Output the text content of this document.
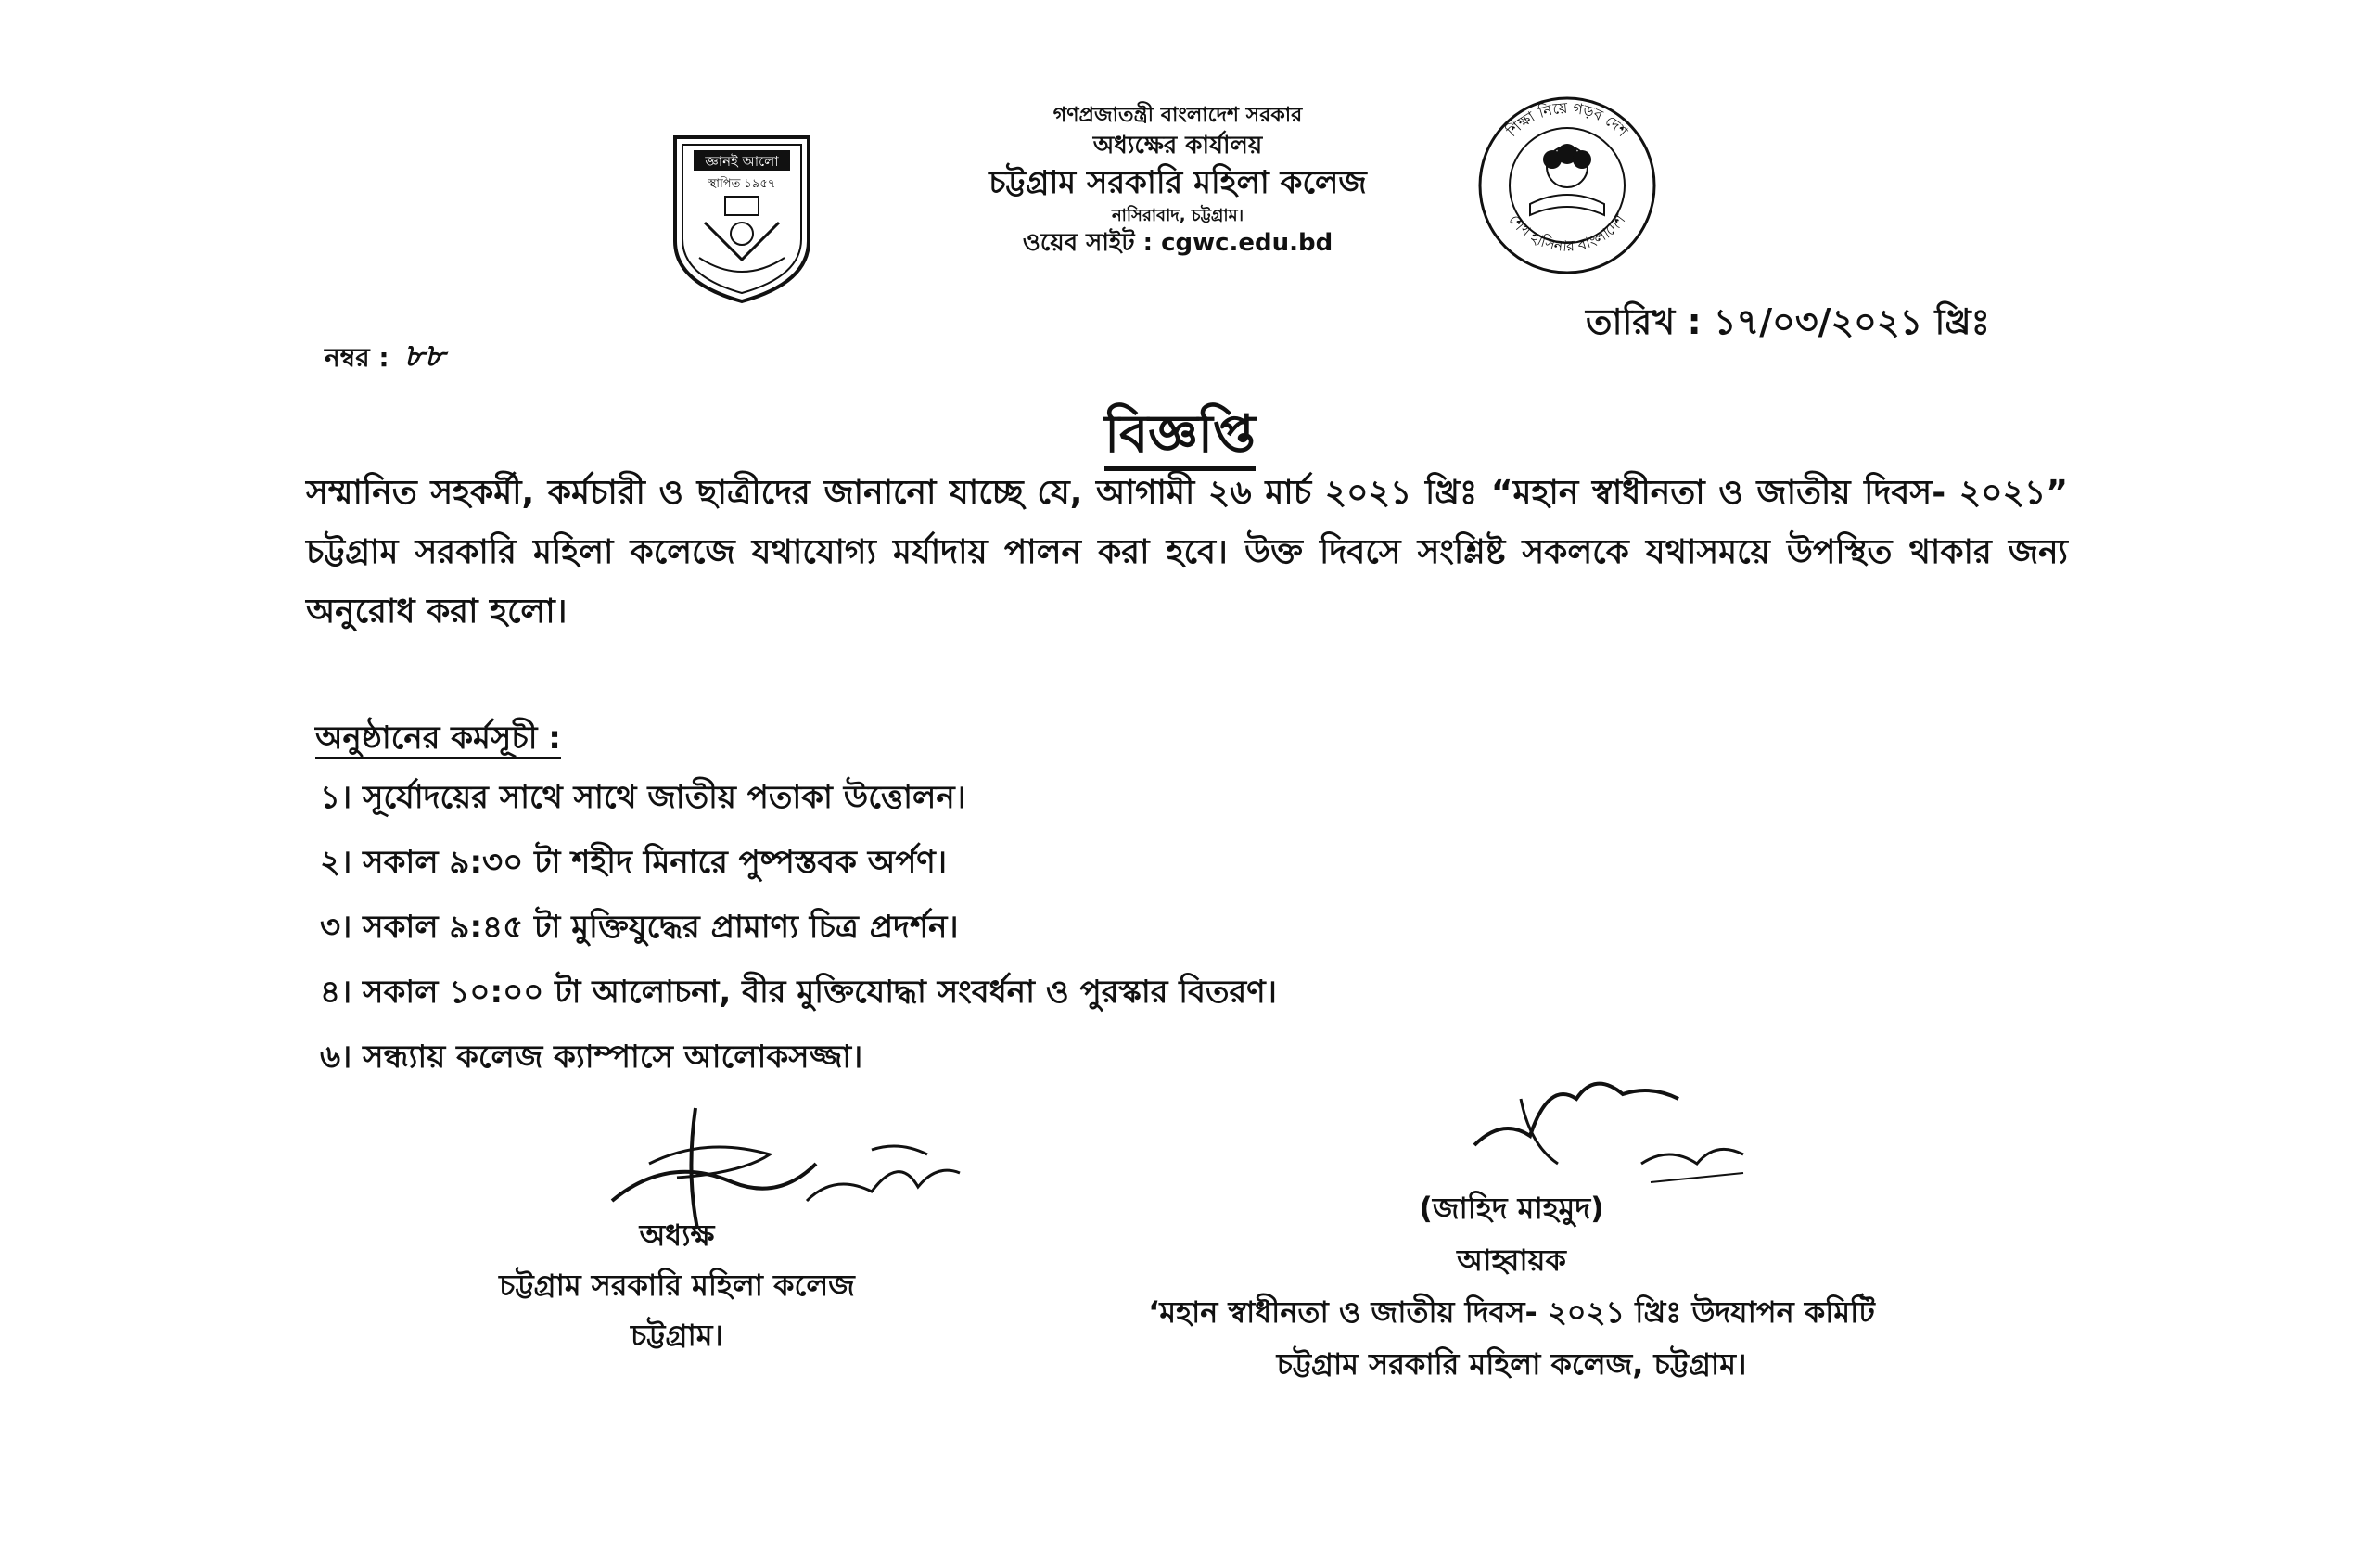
জ্ঞানই আলো
স্থাপিত ১৯৫৭
গণপ্রজাতন্ত্রী বাংলাদেশ সরকার
অধ্যক্ষের কার্যালয়
চট্টগ্রাম সরকারি মহিলা কলেজ
নাসিরাবাদ, চট্টগ্রাম।
ওয়েব সাইট : cgwc.edu.bd
শিক্ষা নিয়ে গড়ব দেশ
শেখ হাসিনার বাংলাদেশ
নম্বর : ৮৮
তারিখ : ১৭/০৩/২০২১ খ্রিঃ
বিজ্ঞপ্তি
সম্মানিত সহকর্মী, কর্মচারী ও ছাত্রীদের জানানো যাচ্ছে যে, আগামী ২৬ মার্চ ২০২১ খ্রিঃ “মহান স্বাধীনতা ও জাতীয় দিবস- ২০২১” চট্টগ্রাম সরকারি মহিলা কলেজে যথাযোগ্য মর্যাদায় পালন করা হবে। উক্ত দিবসে সংশ্লিষ্ট সকলকে যথাসময়ে উপস্থিত থাকার জন্য অনুরোধ করা হলো।
অনুষ্ঠানের কর্মসূচী :
১। সূর্যোদয়ের সাথে সাথে জাতীয় পতাকা উত্তোলন।
২। সকাল ৯:৩০ টা শহীদ মিনারে পুষ্পস্তবক অর্পণ।
৩। সকাল ৯:৪৫ টা মুক্তিযুদ্ধের প্রামাণ্য চিত্র প্রদর্শন।
৪। সকাল ১০:০০ টা আলোচনা, বীর মুক্তিযোদ্ধা সংবর্ধনা ও পুরস্কার বিতরণ।
৬। সন্ধ্যায় কলেজ ক্যাম্পাসে আলোকসজ্জা।
অধ্যক্ষ
চট্টগ্রাম সরকারি মহিলা কলেজ
চট্টগ্রাম।
(জাহিদ মাহমুদ)
আহ্বায়ক
‘মহান স্বাধীনতা ও জাতীয় দিবস- ২০২১ খ্রিঃ উদযাপন কমিটি
চট্টগ্রাম সরকারি মহিলা কলেজ, চট্টগ্রাম।
